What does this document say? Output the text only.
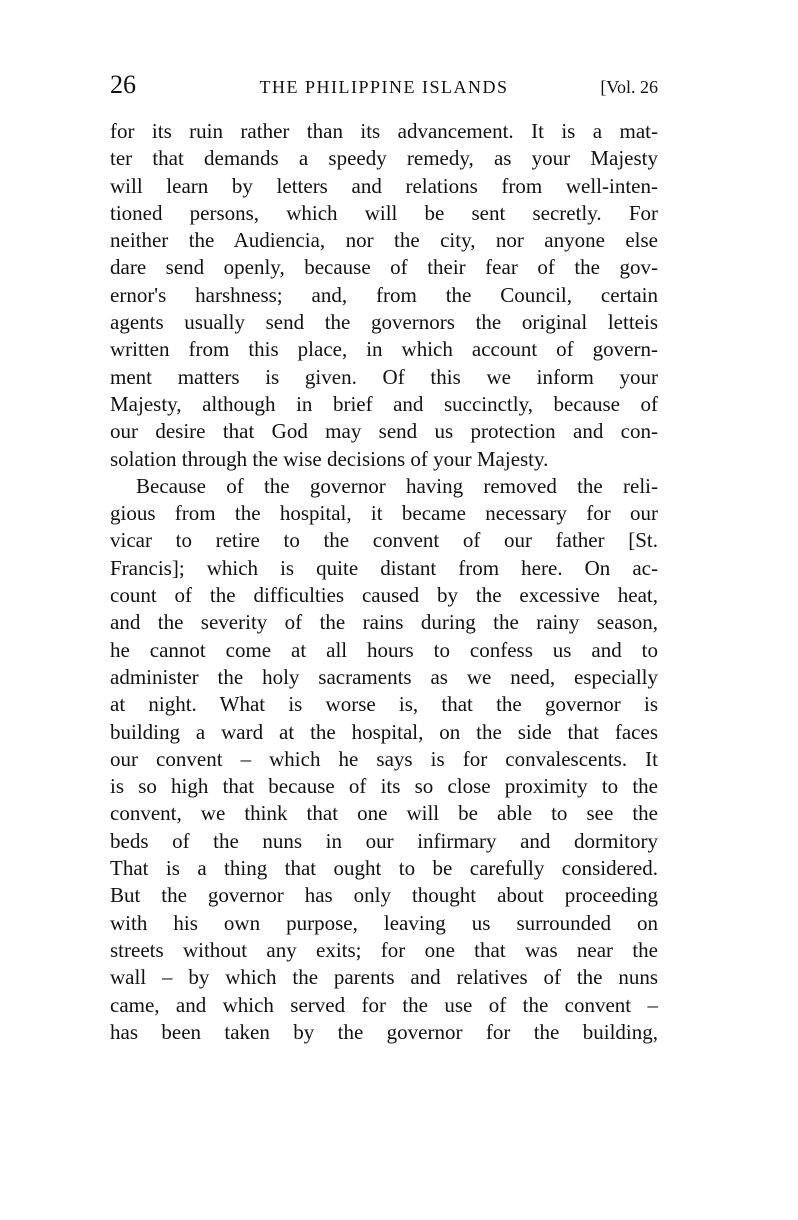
26	THE PHILIPPINE ISLANDS	[Vol. 26
for its ruin rather than its advancement. It is a mat-
ter that demands a speedy remedy, as your Majesty
will learn by letters and relations from well-inten-
tioned persons, which will be sent secretly. For
neither the Audiencia, nor the city, nor anyone else
dare send openly, because of their fear of the gov-
ernor's harshness; and, from the Council, certain
agents usually send the governors the original letteis
written from this place, in which account of govern-
ment matters is given. Of this we inform your
Majesty, although in brief and succinctly, because of
our desire that God may send us protection and con-
solation through the wise decisions of your Majesty.
Because of the governor having removed the reli-
gious from the hospital, it became necessary for our
vicar to retire to the convent of our father [St.
Francis]; which is quite distant from here. On ac-
count of the difficulties caused by the excessive heat,
and the severity of the rains during the rainy season,
he cannot come at all hours to confess us and to
administer the holy sacraments as we need, especially
at night. What is worse is, that the governor is
building a ward at the hospital, on the side that faces
our convent – which he says is for convalescents. It
is so high that because of its so close proximity to the
convent, we think that one will be able to see the
beds of the nuns in our infirmary and dormitory
That is a thing that ought to be carefully considered.
But the governor has only thought about proceeding
with his own purpose, leaving us surrounded on
streets without any exits; for one that was near the
wall – by which the parents and relatives of the nuns
came, and which served for the use of the convent –
has been taken by the governor for the building,
